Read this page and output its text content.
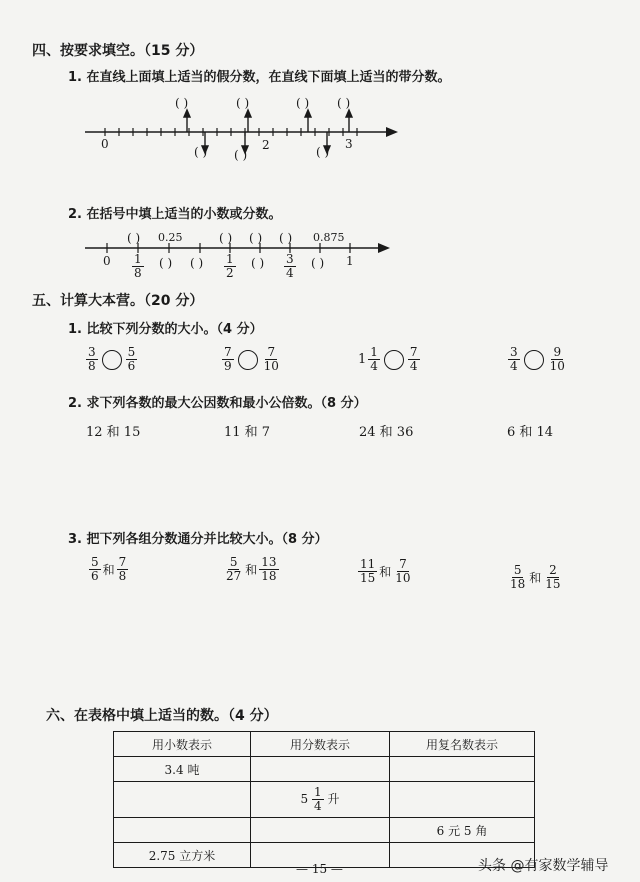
四、按要求填空。（15 分）
1. 在直线上面填上适当的假分数，在直线下面填上适当的带分数。
( )	( )	( ) ( )
0
( ) ( )
2	( )
3
2. 在括号中填上适当的小数或分数。
( ) 0.25	( ) ( ) ( ) 0.875
$0 \frac{1}{8}$ ( ) ( ) $\frac{1}{2}$ ( ) $\frac{3}{4}$ ( ) 1
五、计算大本营。（20 分）
1. 比较下列分数的大小。（4 分）
$\frac{3}{8} \frac{5}{6}$	$\frac{7}{9} \frac{7}{10}$	$1 \frac{1}{4} \frac{7}{4}$	$\frac{3}{4} \frac{9}{10}$
2. 求下列各数的最大公因数和最小公倍数。（8 分）
12 和 15	11 和 7	24 和 36	6 和 14
3. 把下列各组分数通分并比较大小。（8 分）
$\frac{5}{6}$ 和 $\frac{7}{8}$	$\frac{5}{27}$ 和 $\frac{13}{18}$	$\frac{11}{15}$ 和 $\frac{7}{10}$	$\frac{5}{18}$ 和 $\frac{2}{15}$
六、在表格中填上适当的数。（4 分）
用小数表示	用分数表示	用复名数表示
3.4 吨		
	$5 \frac{1}{4}$ 升	
		6 元 5 角
2.75 立方米		
— 15 —	头条 @有家数学辅导
